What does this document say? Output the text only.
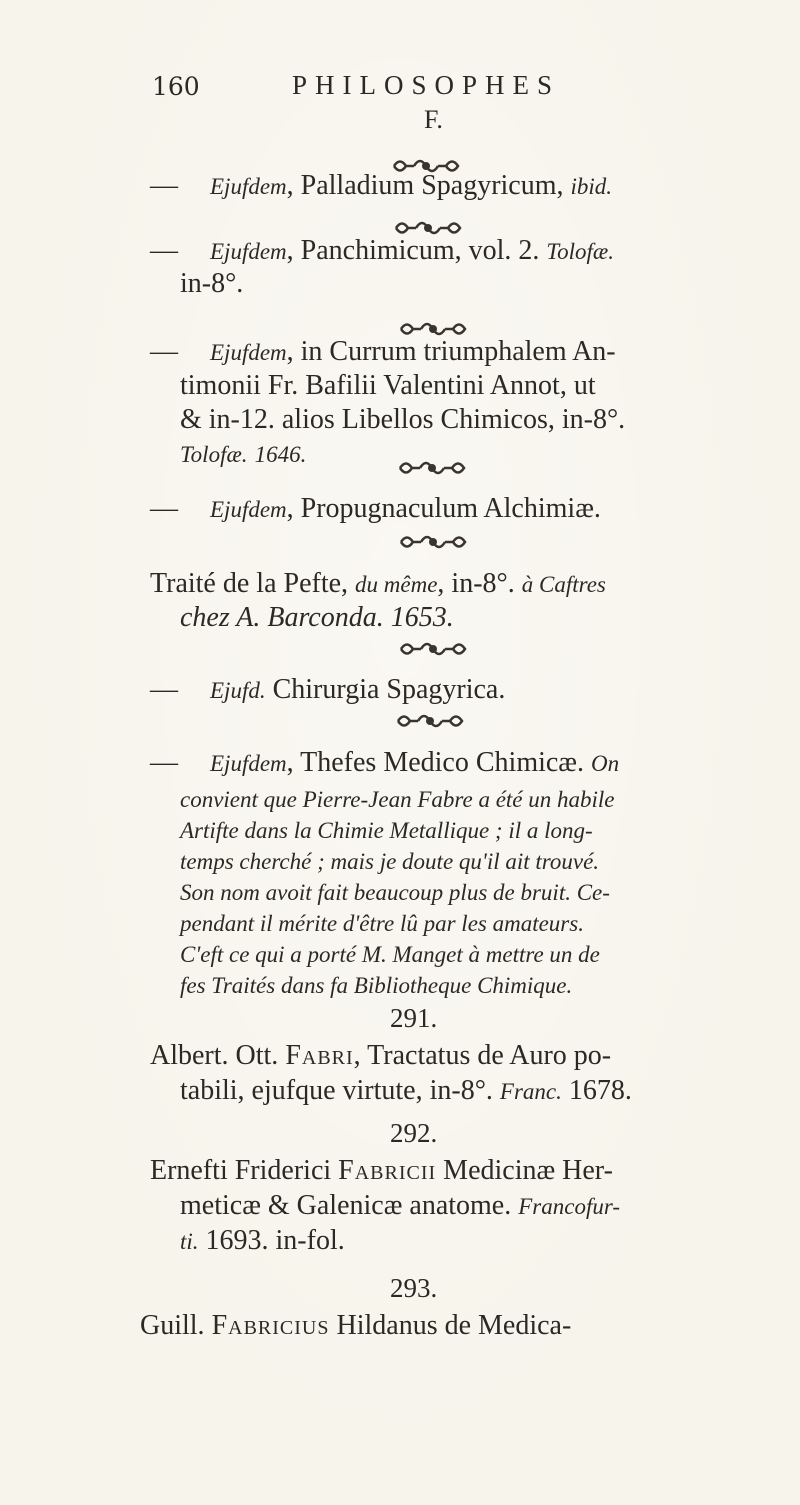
160	PHILOSOPHES
F.
— Ejufdem, Palladium Spagyricum, ibid.
— Ejufdem, Panchimicum, vol. 2. Tolofæ.
in-8°.
— Ejufdem, in Currum triumphalem An-
timonii Fr. Bafilii Valentini Annot, ut
& in-12. alios Libellos Chimicos, in-8°.
Tolofæ. 1646.
— Ejufdem, Propugnaculum Alchimiæ.
Traité de la Pefte, du même, in-8°. à Caftres
chez A. Barconda. 1653.
— Ejufd. Chirurgia Spagyrica.
— Ejufdem, Thefes Medico Chimicæ. On
convient que Pierre-Jean Fabre a été un habile
Artifte dans la Chimie Metallique ; il a long-
temps cherché ; mais je doute qu'il ait trouvé.
Son nom avoit fait beaucoup plus de bruit. Ce-
pendant il mérite d'être lû par les amateurs.
C'eft ce qui a porté M. Manget à mettre un de
fes Traités dans fa Bibliotheque Chimique.
291.
Albert. Ott. Fabri, Tractatus de Auro po-
tabili, ejufque virtute, in-8°. Franc. 1678.
292.
Ernefti Friderici Fabricii Medicinæ Her-
meticæ & Galenicæ anatome. Francofur-
ti. 1693. in-fol.
293.
Guill. Fabricius Hildanus de Medica-
